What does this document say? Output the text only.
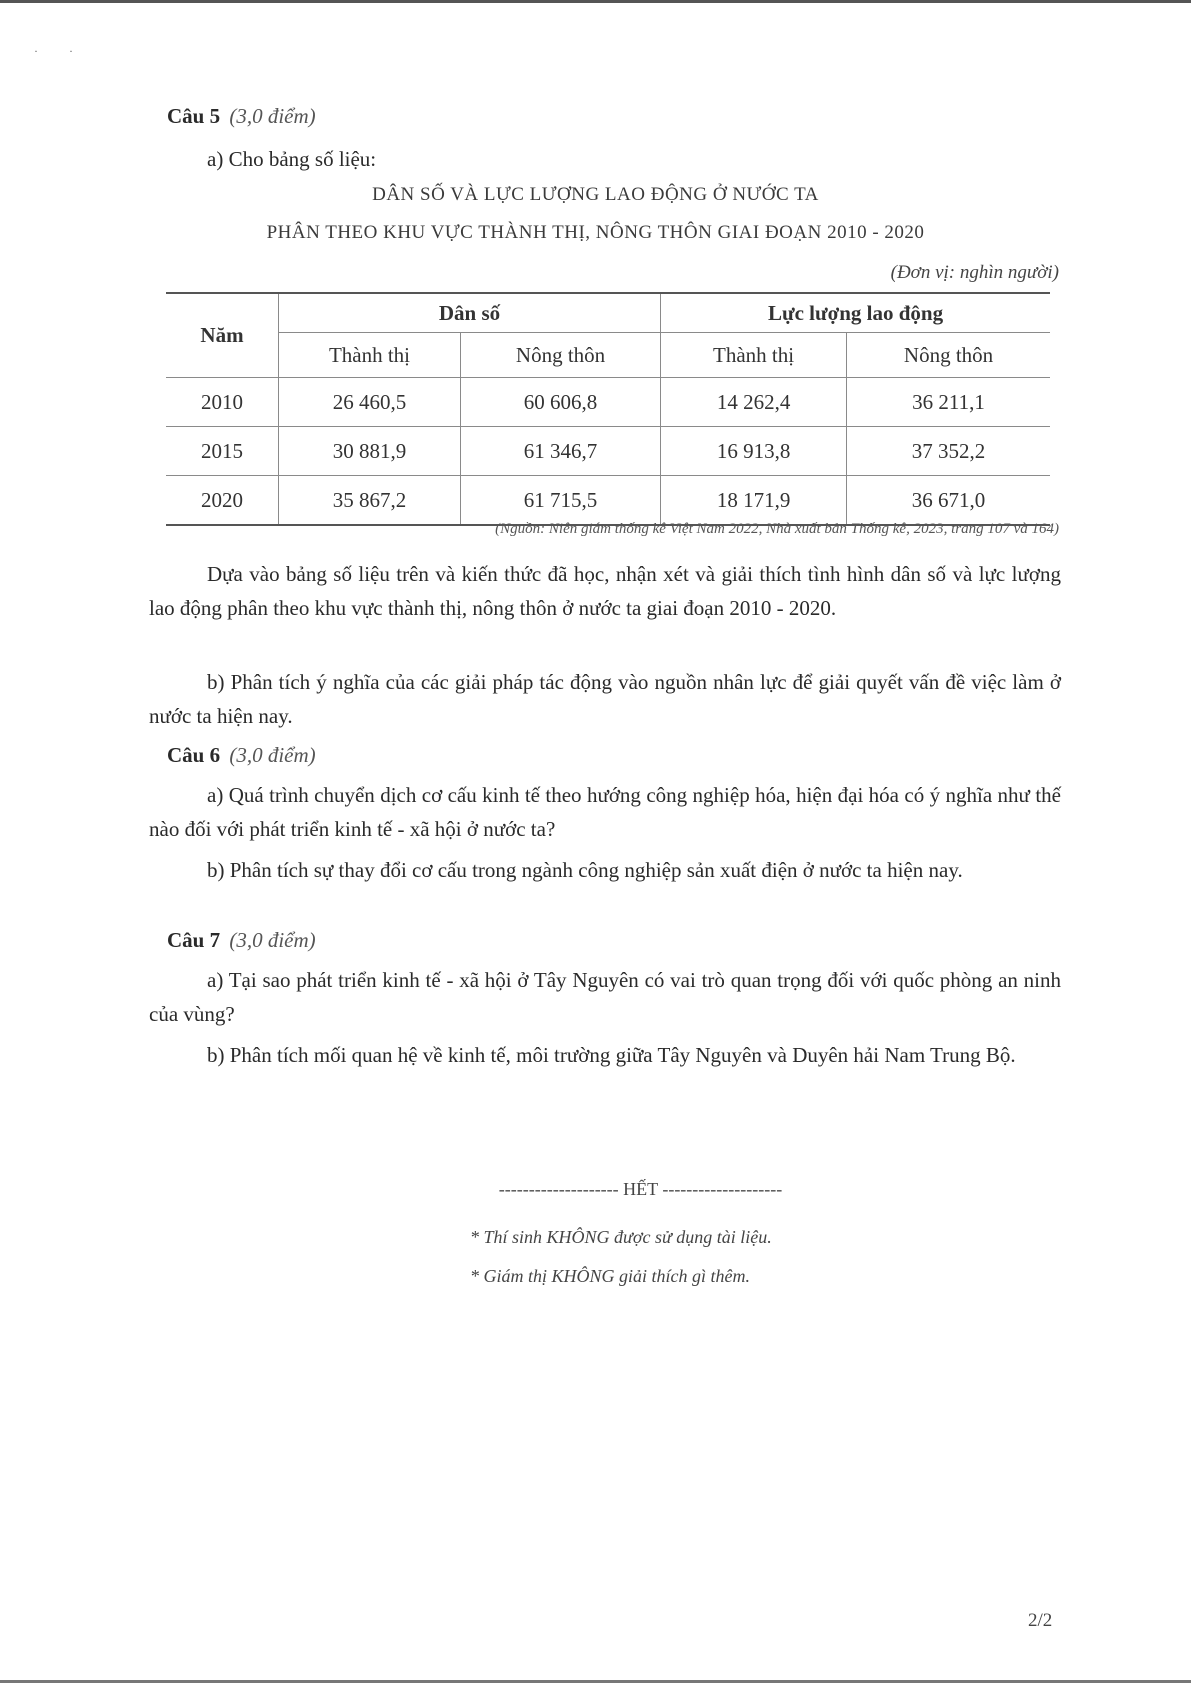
· ·
Câu 5 (3,0 điểm)
a) Cho bảng số liệu:
DÂN SỐ VÀ LỰC LƯỢNG LAO ĐỘNG Ở NƯỚC TA
PHÂN THEO KHU VỰC THÀNH THỊ, NÔNG THÔN GIAI ĐOẠN 2010 - 2020
(Đơn vị: nghìn người)
Năm	Dân số		Lực lượng lao động	
	Thành thị	Nông thôn	Thành thị	Nông thôn
2010	26 460,5	60 606,8	14 262,4	36 211,1
2015	30 881,9	61 346,7	16 913,8	37 352,2
2020	35 867,2	61 715,5	18 171,9	36 671,0
(Nguồn: Niên giám thống kê Việt Nam 2022, Nhà xuất bản Thống kê, 2023, trang 107 và 164)
Dựa vào bảng số liệu trên và kiến thức đã học, nhận xét và giải thích tình hình dân số và lực lượng lao động phân theo khu vực thành thị, nông thôn ở nước ta giai đoạn 2010 - 2020.
b) Phân tích ý nghĩa của các giải pháp tác động vào nguồn nhân lực để giải quyết vấn đề việc làm ở nước ta hiện nay.
Câu 6 (3,0 điểm)
a) Quá trình chuyển dịch cơ cấu kinh tế theo hướng công nghiệp hóa, hiện đại hóa có ý nghĩa như thế nào đối với phát triển kinh tế - xã hội ở nước ta?
b) Phân tích sự thay đổi cơ cấu trong ngành công nghiệp sản xuất điện ở nước ta hiện nay.
Câu 7 (3,0 điểm)
a) Tại sao phát triển kinh tế - xã hội ở Tây Nguyên có vai trò quan trọng đối với quốc phòng an ninh của vùng?
b) Phân tích mối quan hệ về kinh tế, môi trường giữa Tây Nguyên và Duyên hải Nam Trung Bộ.
-------------------- HẾT --------------------
* Thí sinh KHÔNG được sử dụng tài liệu.
* Giám thị KHÔNG giải thích gì thêm.
2/2
